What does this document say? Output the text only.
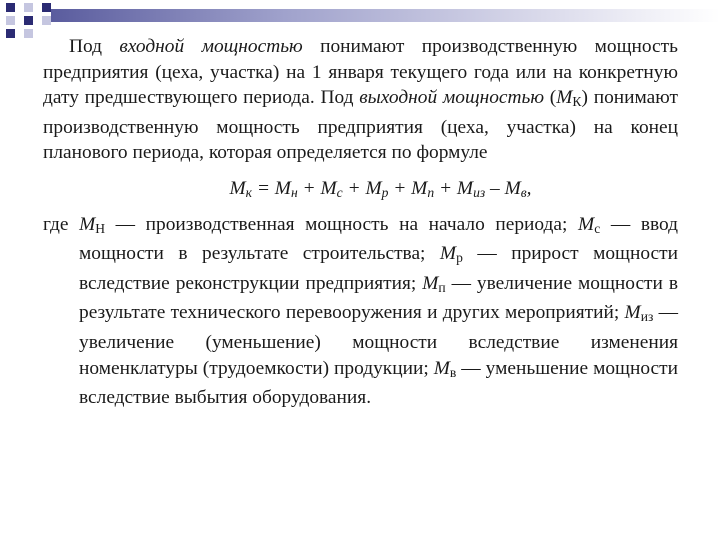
Под входной мощностью понимают производственную мощность предприятия (цеха, участка) на 1 января текущего года или на конкретную дату предшествующего периода. Под выходной мощностью $(М_К)$ понимают производственную мощность предприятия (цеха, участка) на конец планового периода, которая определяется по формуле

$М_к = М_н + М_с + М_р + М_п + М_{из} - М_в$,

где $М_Н$ — производственная мощность на начало периода; $М_с$ — ввод мощности в результате строительства; $М_р$ — прирост мощности вследствие реконструкции предприятия; $М_п$ — увеличение мощности в результате технического перевооружения и других мероприятий; $М_{из}$ — увеличение (уменьшение) мощности вследствие изменения номенклатуры (трудоемкости) продукции; $М_в$ — уменьшение мощности вследствие выбытия оборудования.
